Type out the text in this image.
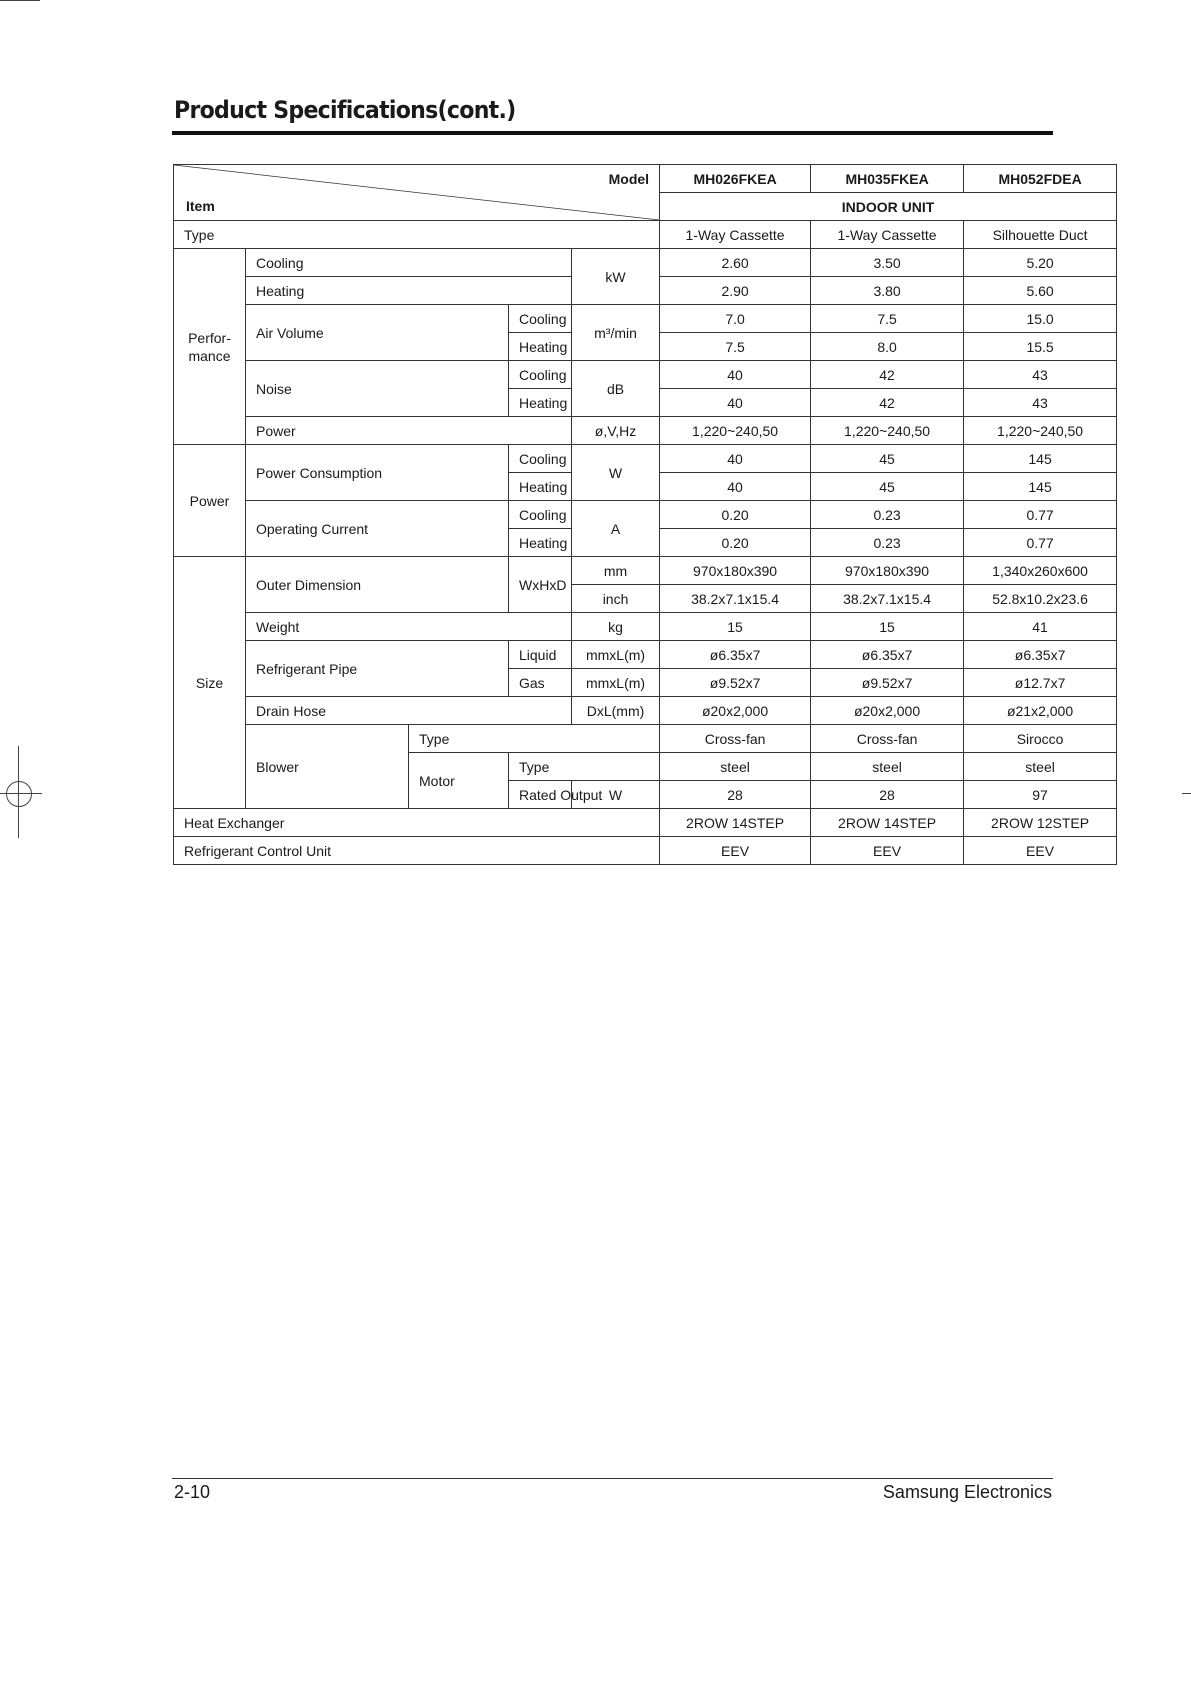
Product Specifications(cont.)
Model
Item					MH026FKEA	MH035FKEA	MH052FDEA
					INDOOR UNIT		
Type					1-Way Cassette	1-Way Cassette	Silhouette Duct
Perfor-
mance	Cooling			kW	2.60	3.50	5.20
	Heating				2.90	3.80	5.60
	Air Volume		Cooling	m³/min	7.0	7.5	15.0
			Heating		7.5	8.0	15.5
	Noise		Cooling	dB	40	42	43
			Heating		40	42	43
	Power			ø,V,Hz	1,220~240,50	1,220~240,50	1,220~240,50
Power	Power Consumption		Cooling	W	40	45	145
			Heating		40	45	145
	Operating Current		Cooling	A	0.20	0.23	0.77
			Heating		0.20	0.23	0.77
Size	Outer Dimension		WxHxD	mm	970x180x390	970x180x390	1,340x260x600
				inch	38.2x7.1x15.4	38.2x7.1x15.4	52.8x10.2x23.6
	Weight			kg	15	15	41
	Refrigerant Pipe		Liquid	mmxL(m)	ø6.35x7	ø6.35x7	ø6.35x7
			Gas	mmxL(m)	ø9.52x7	ø9.52x7	ø12.7x7
	Drain Hose			DxL(mm)	ø20x2,000	ø20x2,000	ø21x2,000
	Blower	Type			Cross-fan	Cross-fan	Sirocco
		Motor	Type		steel	steel	steel
			Rated Output	W	28	28	97
Heat Exchanger					2ROW 14STEP	2ROW 14STEP	2ROW 12STEP
Refrigerant Control Unit					EEV	EEV	EEV
2-10	Samsung Electronics
